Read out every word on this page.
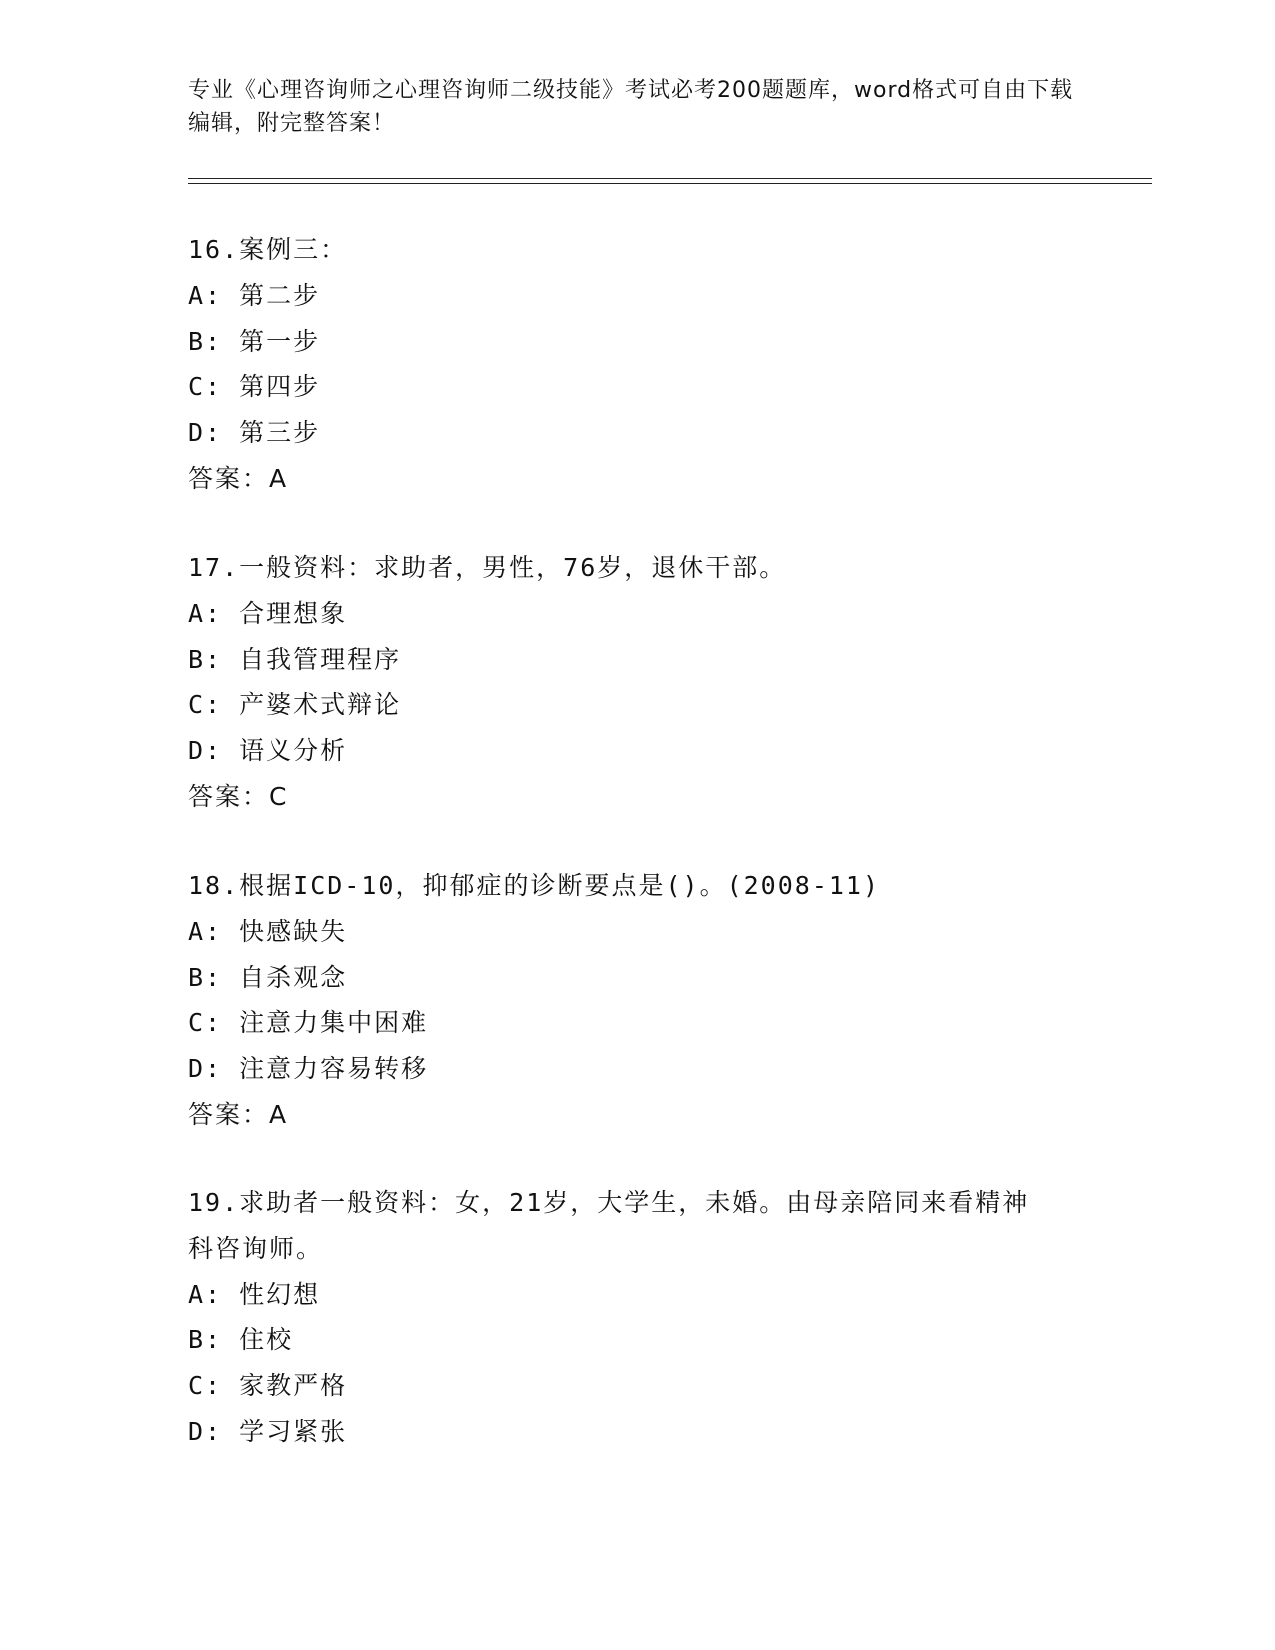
专业《心理咨询师之心理咨询师二级技能》考试必考200题题库，word格式可自由下载编辑，附完整答案！
16.案例三：
A: 第二步
B: 第一步
C: 第四步
D: 第三步
答案：A
17.一般资料：求助者，男性，76岁，退休干部。
A: 合理想象
B: 自我管理程序
C: 产婆术式辩论
D: 语义分析
答案：C
18.根据ICD-10，抑郁症的诊断要点是()。(2008-11)
A: 快感缺失
B: 自杀观念
C: 注意力集中困难
D: 注意力容易转移
答案：A
19.求助者一般资料：女，21岁，大学生，未婚。由母亲陪同来看精神
科咨询师。
A: 性幻想
B: 住校
C: 家教严格
D: 学习紧张
